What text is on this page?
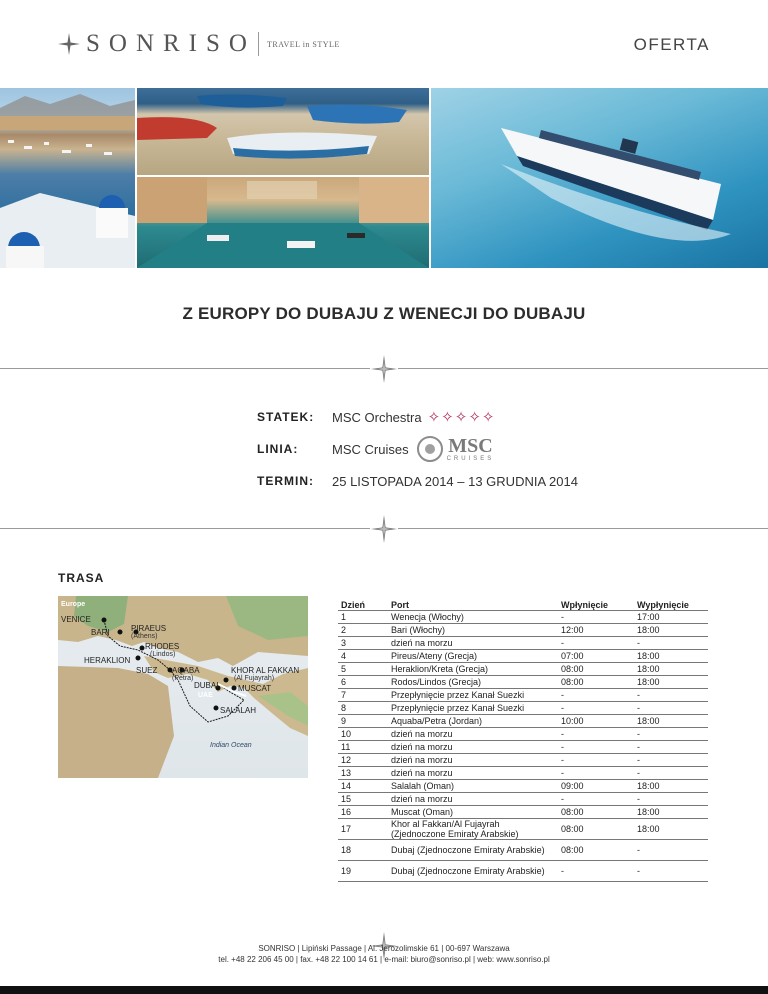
SONRISO TRAVEL in STYLE	OFERTA
Z EUROPY DO DUBAJU Z WENECJI DO DUBAJU
STATEK:	MSC Orchestra ✧ ✧ ✧ ✧ ✧
LINIA:	MSC Cruises MSC
CRUISES
TERMIN:	25 LISTOPADA 2014 – 13 GRUDNIA 2014
TRASA
Europe
VENICE
BARI	PIRAEUS
(Athens)
RHODES
(Lindos)
HERAKLION
SUEZ AQABA
(Petra)
KHOR AL FAKKAN
(Al Fujayrah)
DUBAI MUSCAT
UAE
SALALAH
Indian Ocean
Dzień	Port	Wpłynięcie	Wypłynięcie
1	Wenecja (Włochy)	-	17:00
2	Bari (Włochy)	12:00	18:00
3	dzień na morzu	-	-
4	Pireus/Ateny (Grecja)	07:00	18:00
5	Heraklion/Kreta (Grecja)	08:00	18:00
6	Rodos/Lindos (Grecja)	08:00	18:00
7	Przepłynięcie przez Kanał Suezki	-	-
8	Przepłynięcie przez Kanał Suezki	-	-
9	Aquaba/Petra (Jordan)	10:00	18:00
10	dzień na morzu	-	-
11	dzień na morzu	-	-
12	dzień na morzu	-	-
13	dzień na morzu	-	-
14	Salalah (Oman)	09:00	18:00
15	dzień na morzu	-	-
16	Muscat (Oman)	08:00	18:00
17	Khor al Fakkan/Al Fujayrah (Zjednoczone Emiraty Arabskie)	08:00	18:00
18	Dubaj (Zjednoczone Emiraty Arabskie)	08:00	-
19	Dubaj (Zjednoczone Emiraty Arabskie)	-	-
SONRISO | Lipiński Passage | Al. Jerozolimskie 61 | 00-697 Warszawa
tel. +48 22 206 45 00 | fax. +48 22 100 14 61 | e-mail: biuro@sonriso.pl | web: www.sonriso.pl
